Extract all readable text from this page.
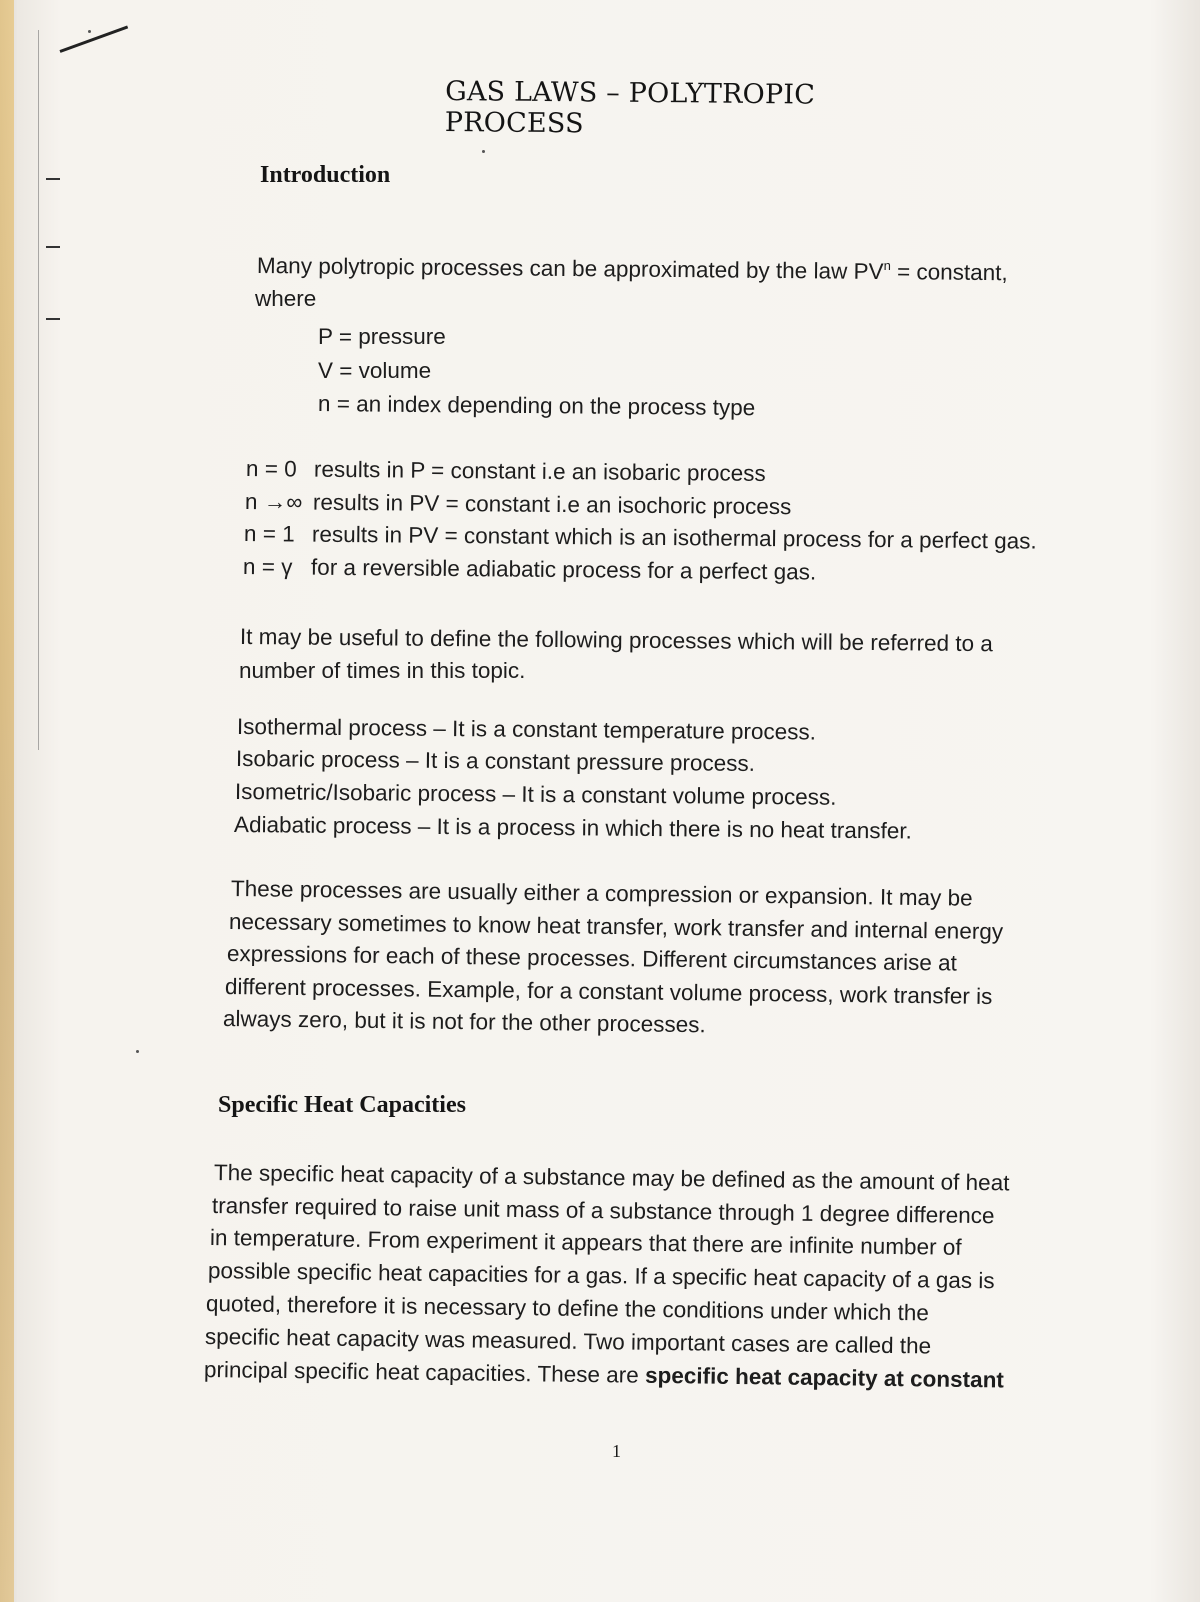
GAS LAWS – POLYTROPIC PROCESS
Introduction
Many polytropic processes can be approximated by the law $PV^n$ = constant,
where
P = pressure
V = volume
n = an index depending on the process type
n = 0 results in P = constant i.e an isobaric process
n →∞ results in PV = constant i.e an isochoric process
n = 1 results in PV = constant which is an isothermal process for a perfect gas.
n = γ for a reversible adiabatic process for a perfect gas.
It may be useful to define the following processes which will be referred to a
number of times in this topic.
Isothermal process – It is a constant temperature process.
Isobaric process – It is a constant pressure process.
Isometric/Isobaric process – It is a constant volume process.
Adiabatic process – It is a process in which there is no heat transfer.
These processes are usually either a compression or expansion. It may be
necessary sometimes to know heat transfer, work transfer and internal energy
expressions for each of these processes. Different circumstances arise at
different processes. Example, for a constant volume process, work transfer is
always zero, but it is not for the other processes.
Specific Heat Capacities
The specific heat capacity of a substance may be defined as the amount of heat
transfer required to raise unit mass of a substance through 1 degree difference
in temperature. From experiment it appears that there are infinite number of
possible specific heat capacities for a gas. If a specific heat capacity of a gas is
quoted, therefore it is necessary to define the conditions under which the
specific heat capacity was measured. Two important cases are called the
principal specific heat capacities. These are specific heat capacity at constant
1
